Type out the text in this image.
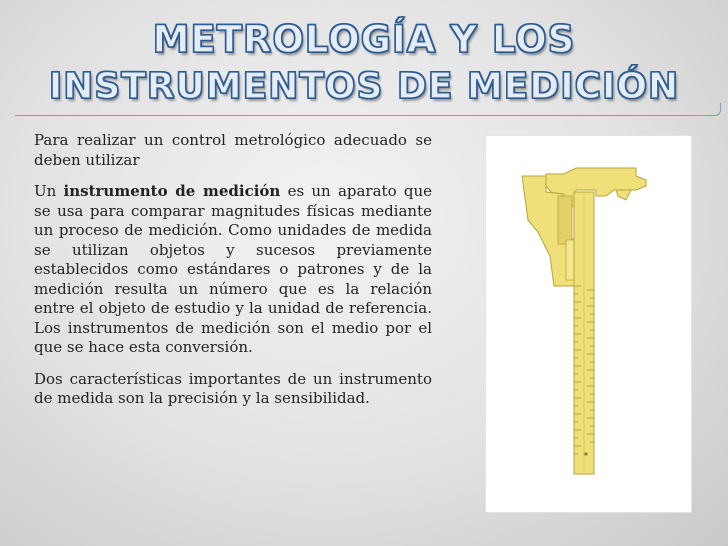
METROLOGÍA Y LOS
INSTRUMENTOS DE MEDICIÓN

Para realizar un control metrológico adecuado se deben utilizar

Un instrumento de medición es un aparato que se usa para comparar magnitudes físicas mediante un proceso de medición. Como unidades de medida se utilizan objetos y sucesos previamente establecidos como estándares o patrones y de la medición resulta un número que es la relación entre el objeto de estudio y la unidad de referencia. Los instrumentos de medición son el medio por el que se hace esta conversión.

Dos características importantes de un instrumento de medida son la precisión y la sensibilidad.
